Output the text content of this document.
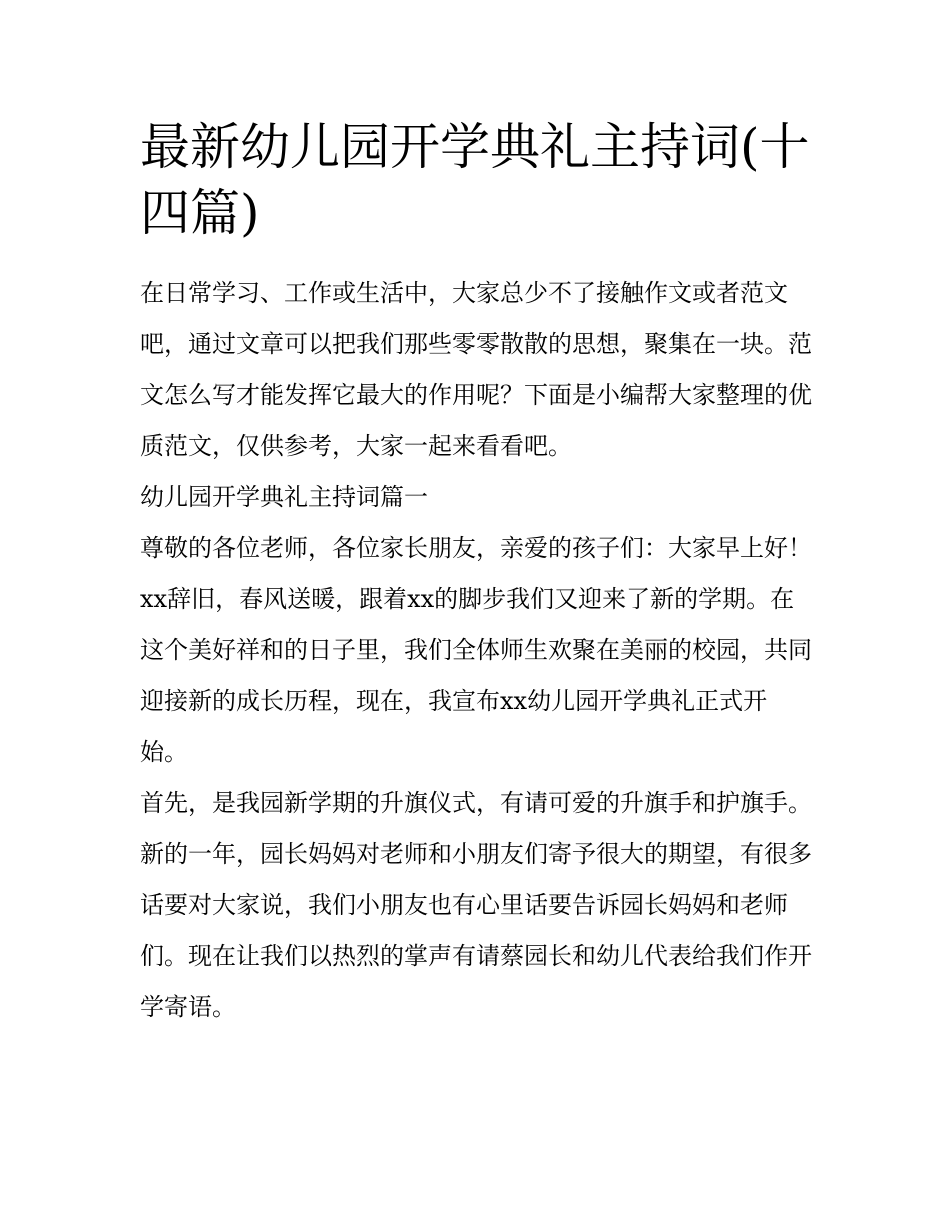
最新幼儿园开学典礼主持词(十四篇)

在日常学习、工作或生活中，大家总少不了接触作文或者范文吧，通过文章可以把我们那些零零散散的思想，聚集在一块。范文怎么写才能发挥它最大的作用呢？下面是小编帮大家整理的优质范文，仅供参考，大家一起来看看吧。

幼儿园开学典礼主持词篇一

尊敬的各位老师，各位家长朋友，亲爱的孩子们：大家早上好！xx辞旧，春风送暖，跟着xx的脚步我们又迎来了新的学期。在这个美好祥和的日子里，我们全体师生欢聚在美丽的校园，共同迎接新的成长历程，现在，我宣布xx幼儿园开学典礼正式开始。

首先，是我园新学期的升旗仪式，有请可爱的升旗手和护旗手。

新的一年，园长妈妈对老师和小朋友们寄予很大的期望，有很多话要对大家说，我们小朋友也有心里话要告诉园长妈妈和老师们。现在让我们以热烈的掌声有请蔡园长和幼儿代表给我们作开学寄语。
